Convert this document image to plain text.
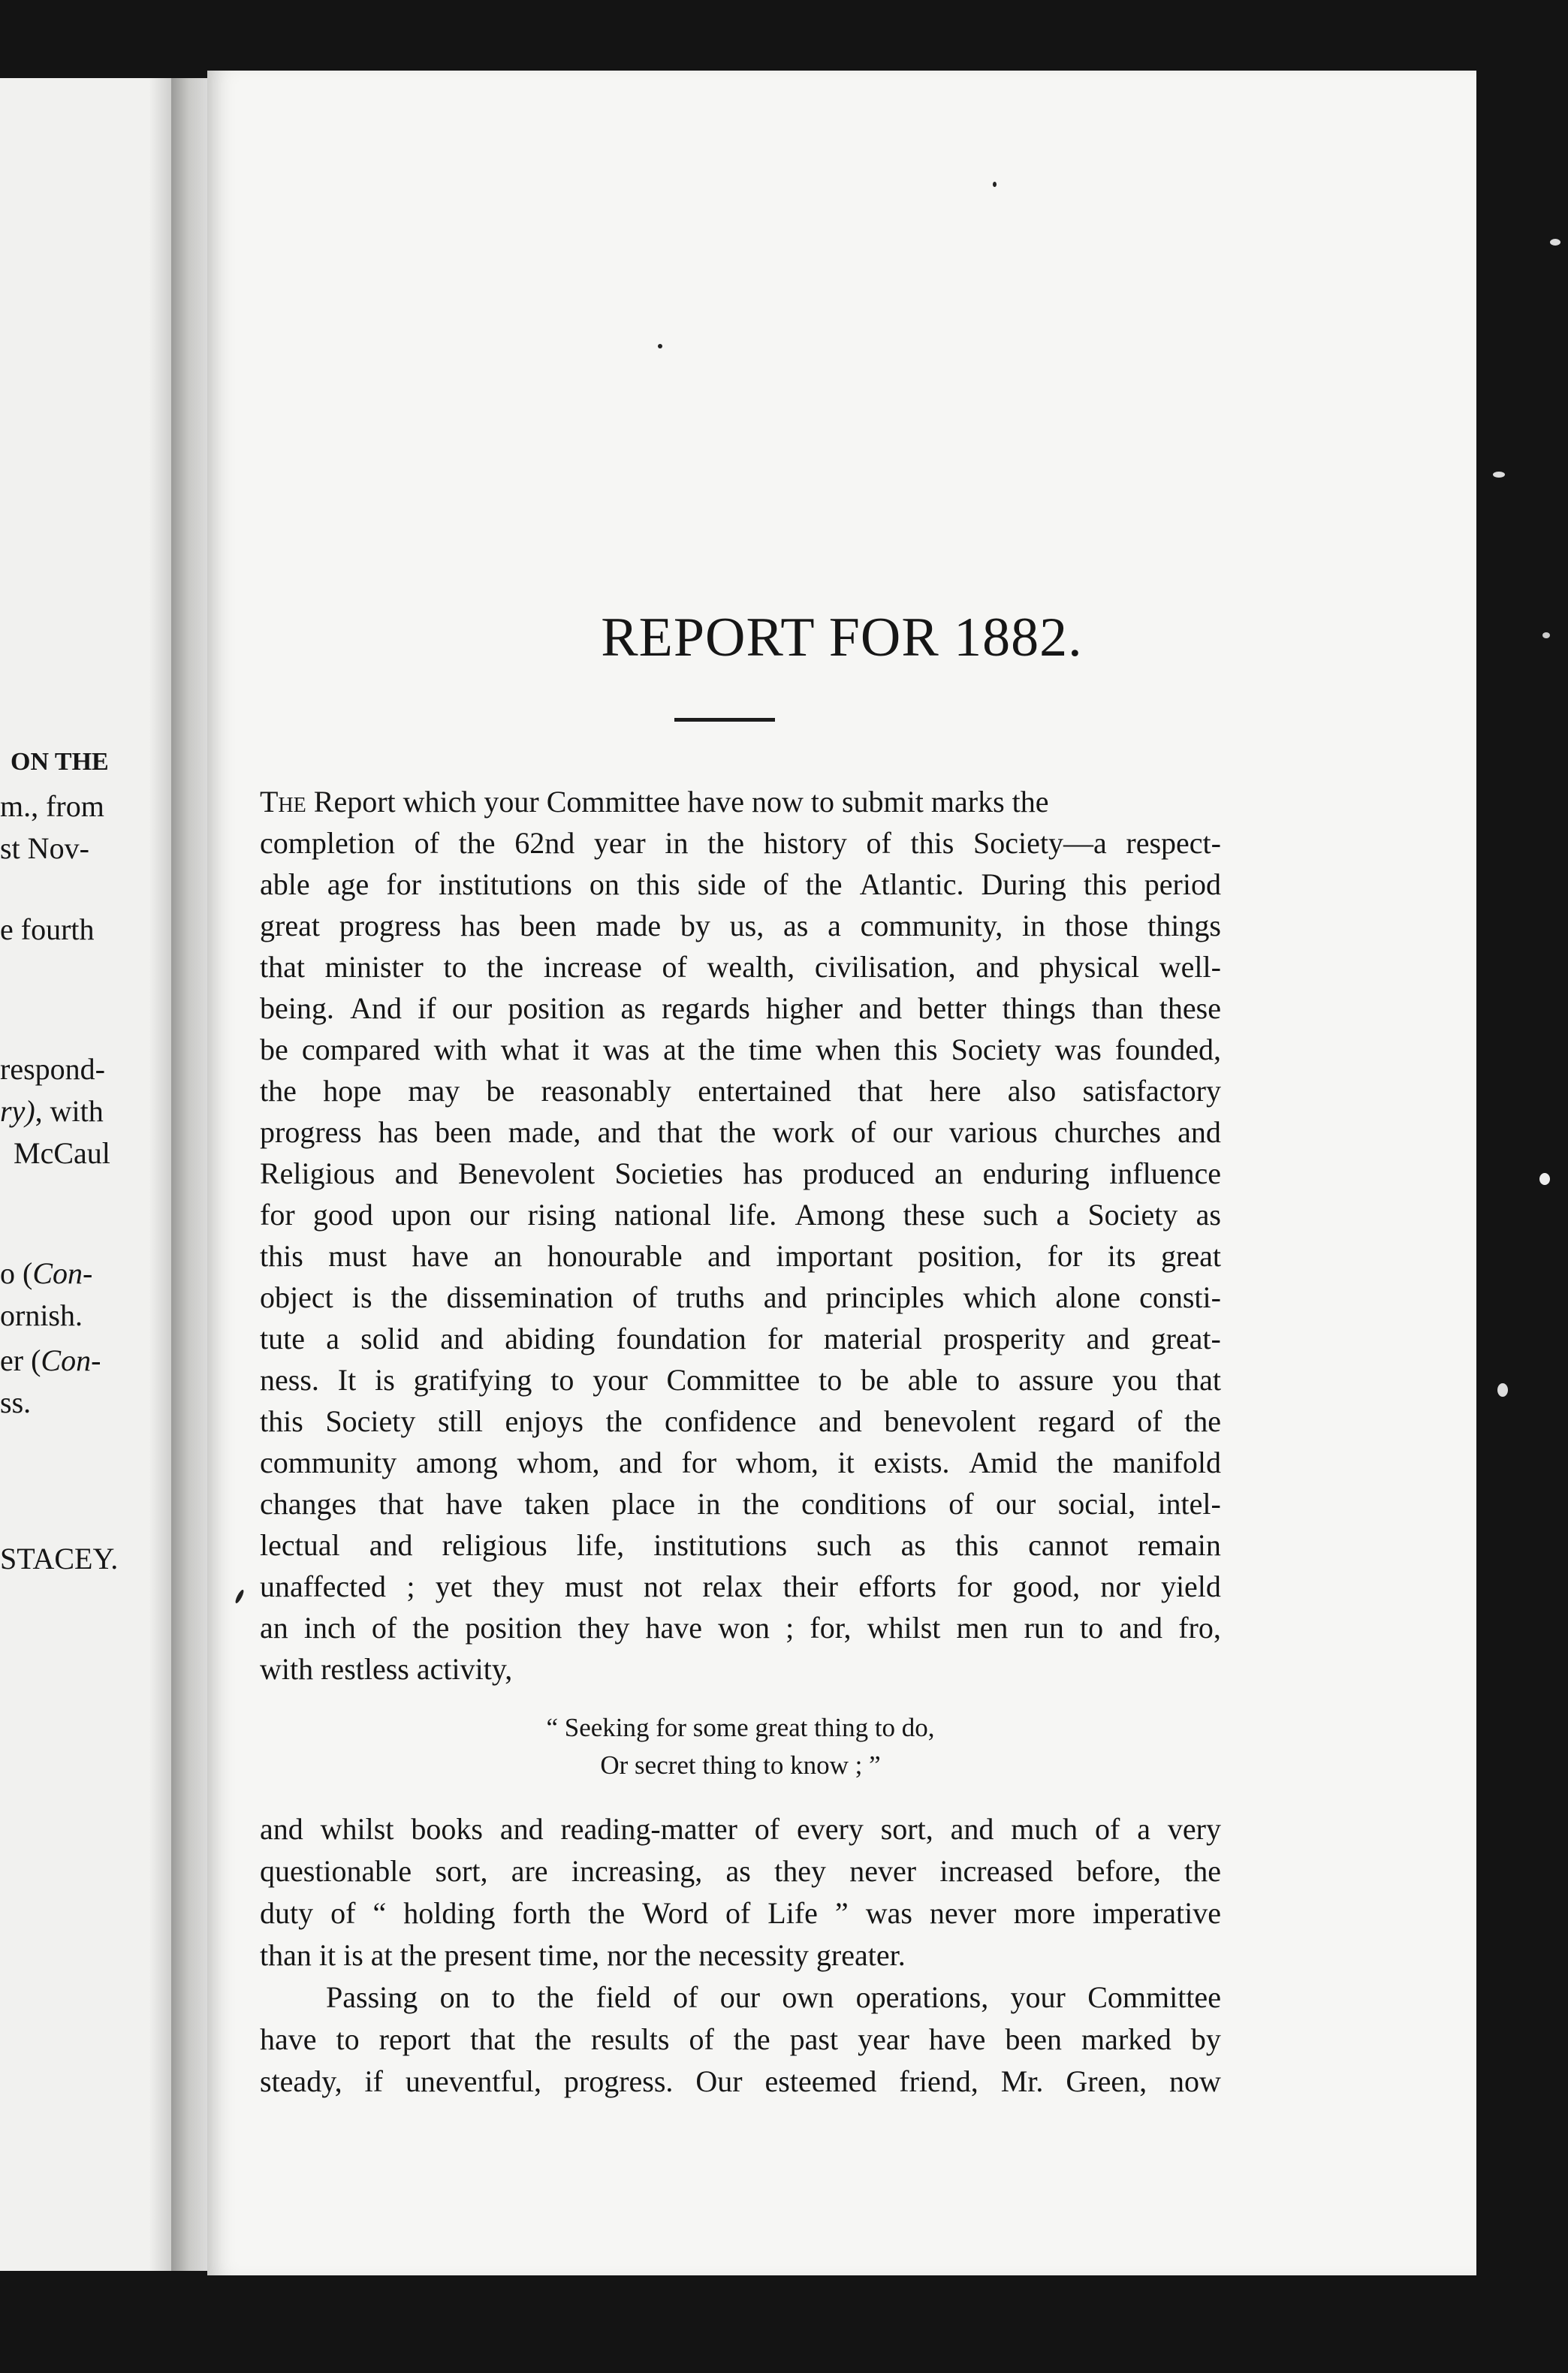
ON THE
m., from
st Nov-
e fourth
respond-
ry), with
McCaul
o (Con-
ornish.
er (Con-
ss.
STACEY.
REPORT FOR 1882.
The Report which your Committee have now to submit marks the
completion of the 62nd year in the history of this Society—a respect-
able age for institutions on this side of the Atlantic. During this period
great progress has been made by us, as a community, in those things
that minister to the increase of wealth, civilisation, and physical well-
being. And if our position as regards higher and better things than these
be compared with what it was at the time when this Society was founded,
the hope may be reasonably entertained that here also satisfactory
progress has been made, and that the work of our various churches and
Religious and Benevolent Societies has produced an enduring influence
for good upon our rising national life. Among these such a Society as
this must have an honourable and important position, for its great
object is the dissemination of truths and principles which alone consti-
tute a solid and abiding foundation for material prosperity and great-
ness. It is gratifying to your Committee to be able to assure you that
this Society still enjoys the confidence and benevolent regard of the
community among whom, and for whom, it exists. Amid the manifold
changes that have taken place in the conditions of our social, intel-
lectual and religious life, institutions such as this cannot remain
unaffected ; yet they must not relax their efforts for good, nor yield
an inch of the position they have won ; for, whilst men run to and fro,
with restless activity,
“ Seeking for some great thing to do,
Or secret thing to know ; ”
and whilst books and reading-matter of every sort, and much of a very
questionable sort, are increasing, as they never increased before, the
duty of “ holding forth the Word of Life ” was never more imperative
than it is at the present time, nor the necessity greater.
Passing on to the field of our own operations, your Committee
have to report that the results of the past year have been marked by
steady, if uneventful, progress. Our esteemed friend, Mr. Green, now
